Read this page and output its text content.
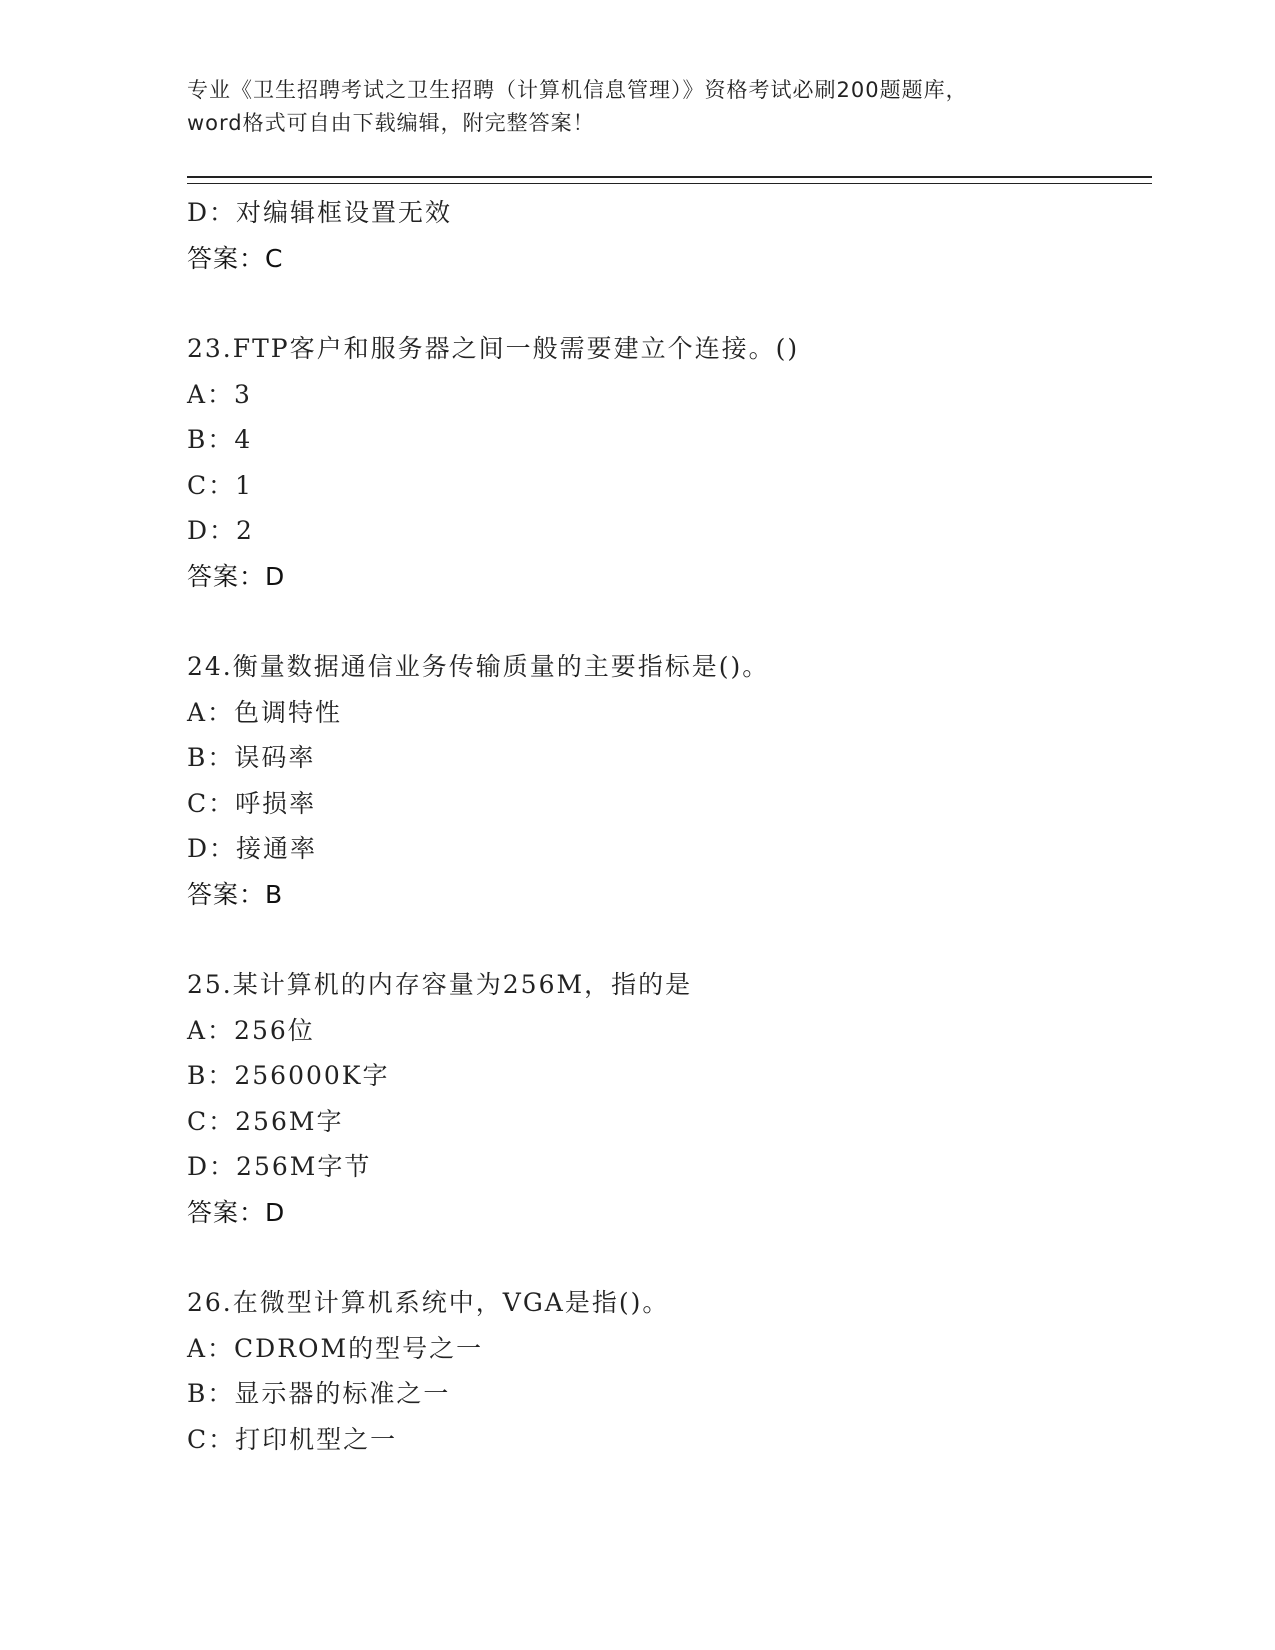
专业《卫生招聘考试之卫生招聘（计算机信息管理）》资格考试必刷200题题库，
word格式可自由下载编辑，附完整答案！
D：对编辑框设置无效
答案：C
23.FTP客户和服务器之间一般需要建立个连接。()
A：3
B：4
C：1
D：2
答案：D
24.衡量数据通信业务传输质量的主要指标是()。
A：色调特性
B：误码率
C：呼损率
D：接通率
答案：B
25.某计算机的内存容量为256M，指的是
A：256位
B：256000K字
C：256M字
D：256M字节
答案：D
26.在微型计算机系统中，VGA是指()。
A：CDROM的型号之一
B：显示器的标准之一
C：打印机型之一
